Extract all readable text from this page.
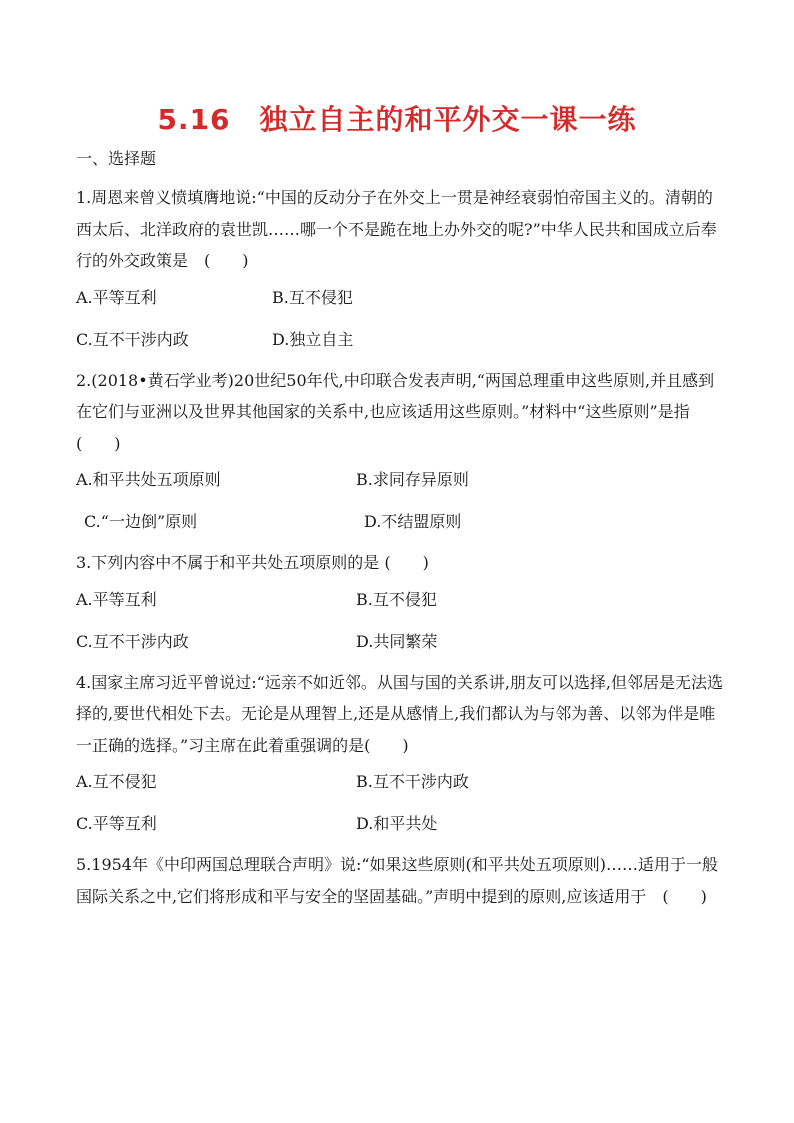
5.16　独立自主的和平外交一课一练
一、选择题

1.周恩来曾义愤填膺地说:“中国的反动分子在外交上一贯是神经衰弱怕帝国主义的。清朝的西太后、北洋政府的袁世凯……哪一个不是跪在地上办外交的呢?”中华人民共和国成立后奉行的外交政策是　(　　)

A.平等互利	B.互不侵犯
C.互不干涉内政	D.独立自主

2.(2018•黄石学业考)20世纪50年代,中印联合发表声明,“两国总理重申这些原则,并且感到在它们与亚洲以及世界其他国家的关系中,也应该适用这些原则。”材料中“这些原则”是指　(　　)

A.和平共处五项原则	B.求同存异原则
C.“一边倒”原则	D.不结盟原则

3.下列内容中不属于和平共处五项原则的是 (　　)

A.平等互利	B.互不侵犯
C.互不干涉内政	D.共同繁荣

4.国家主席习近平曾说过:“远亲不如近邻。从国与国的关系讲,朋友可以选择,但邻居是无法选择的,要世代相处下去。无论是从理智上,还是从感情上,我们都认为与邻为善、以邻为伴是唯一正确的选择。”习主席在此着重强调的是(　　)

A.互不侵犯	B.互不干涉内政
C.平等互利	D.和平共处

5.1954年《中印两国总理联合声明》说:“如果这些原则(和平共处五项原则)……适用于一般国际关系之中,它们将形成和平与安全的坚固基础。”声明中提到的原则,应该适用于　(　　)
